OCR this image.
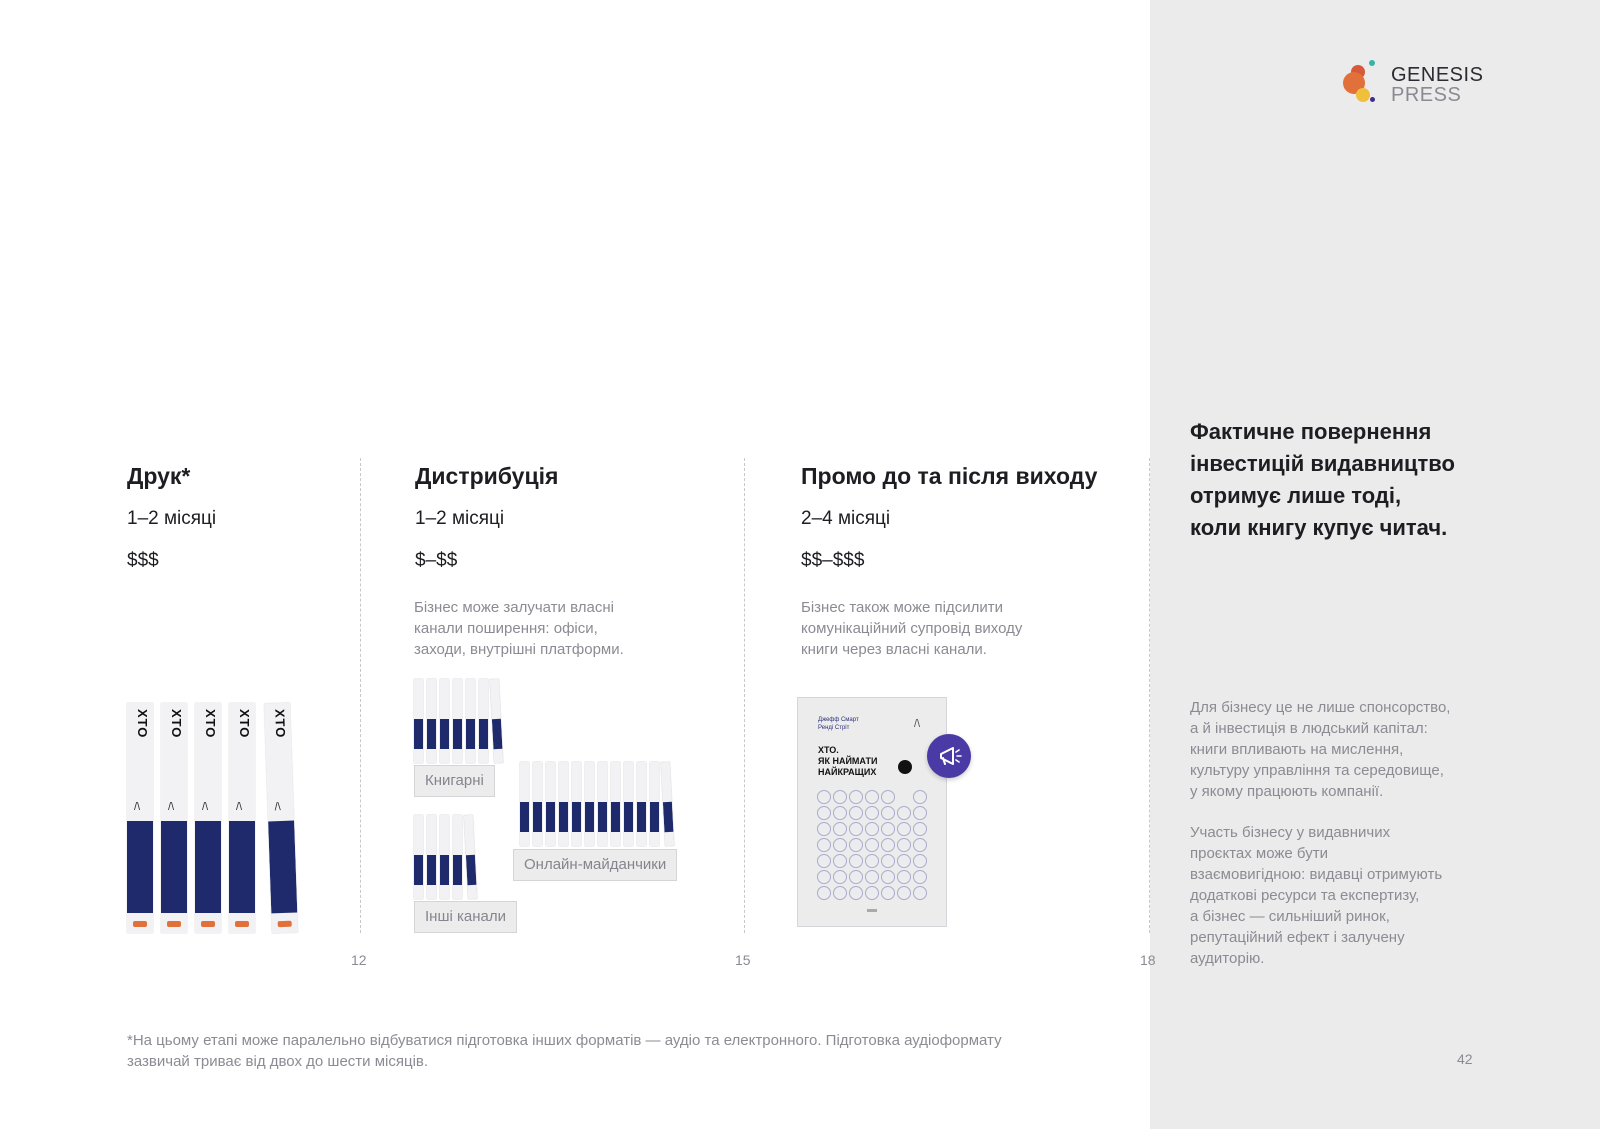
GENESIS
PRESS
Друк*
1–2 місяці
$$$
Дистрибуція
1–2 місяці
$–$$
Бізнес може залучати власні
канали поширення: офіси,
заходи, внутрішні платформи.
Промо до та після виходу
2–4 місяці
$$–$$$
Бізнес також може підсилити
комунікаційний супровід виходу
книги через власні канали.
12	15	18
ХТО
/\
ХТО
/\
ХТО
/\
ХТО
/\
ХТО
/\
Книгарні
Онлайн-майданчики
Інші канали
Джефф Смарт
Ренді Стріт	/\
ХТО.
ЯК НАЙМАТИ
НАЙКРАЩИХ
Фактичне повернення
інвестицій видавництво
отримує лише тоді,
коли книгу купує читач.
Для бізнесу це не лише спонсорство,
а й інвестиція в людський капітал:
книги впливають на мислення,
культуру управління та середовище,
у якому працюють компанії.
Участь бізнесу у видавничих
проєктах може бути
взаємовигідною: видавці отримують
додаткові ресурси та експертизу,
а бізнес — сильніший ринок,
репутаційний ефект і залучену
аудиторію.
*На цьому етапі може паралельно відбуватися підготовка інших форматів — аудіо та електронного. Підготовка аудіоформату
зазвичай триває від двох до шести місяців.	42
